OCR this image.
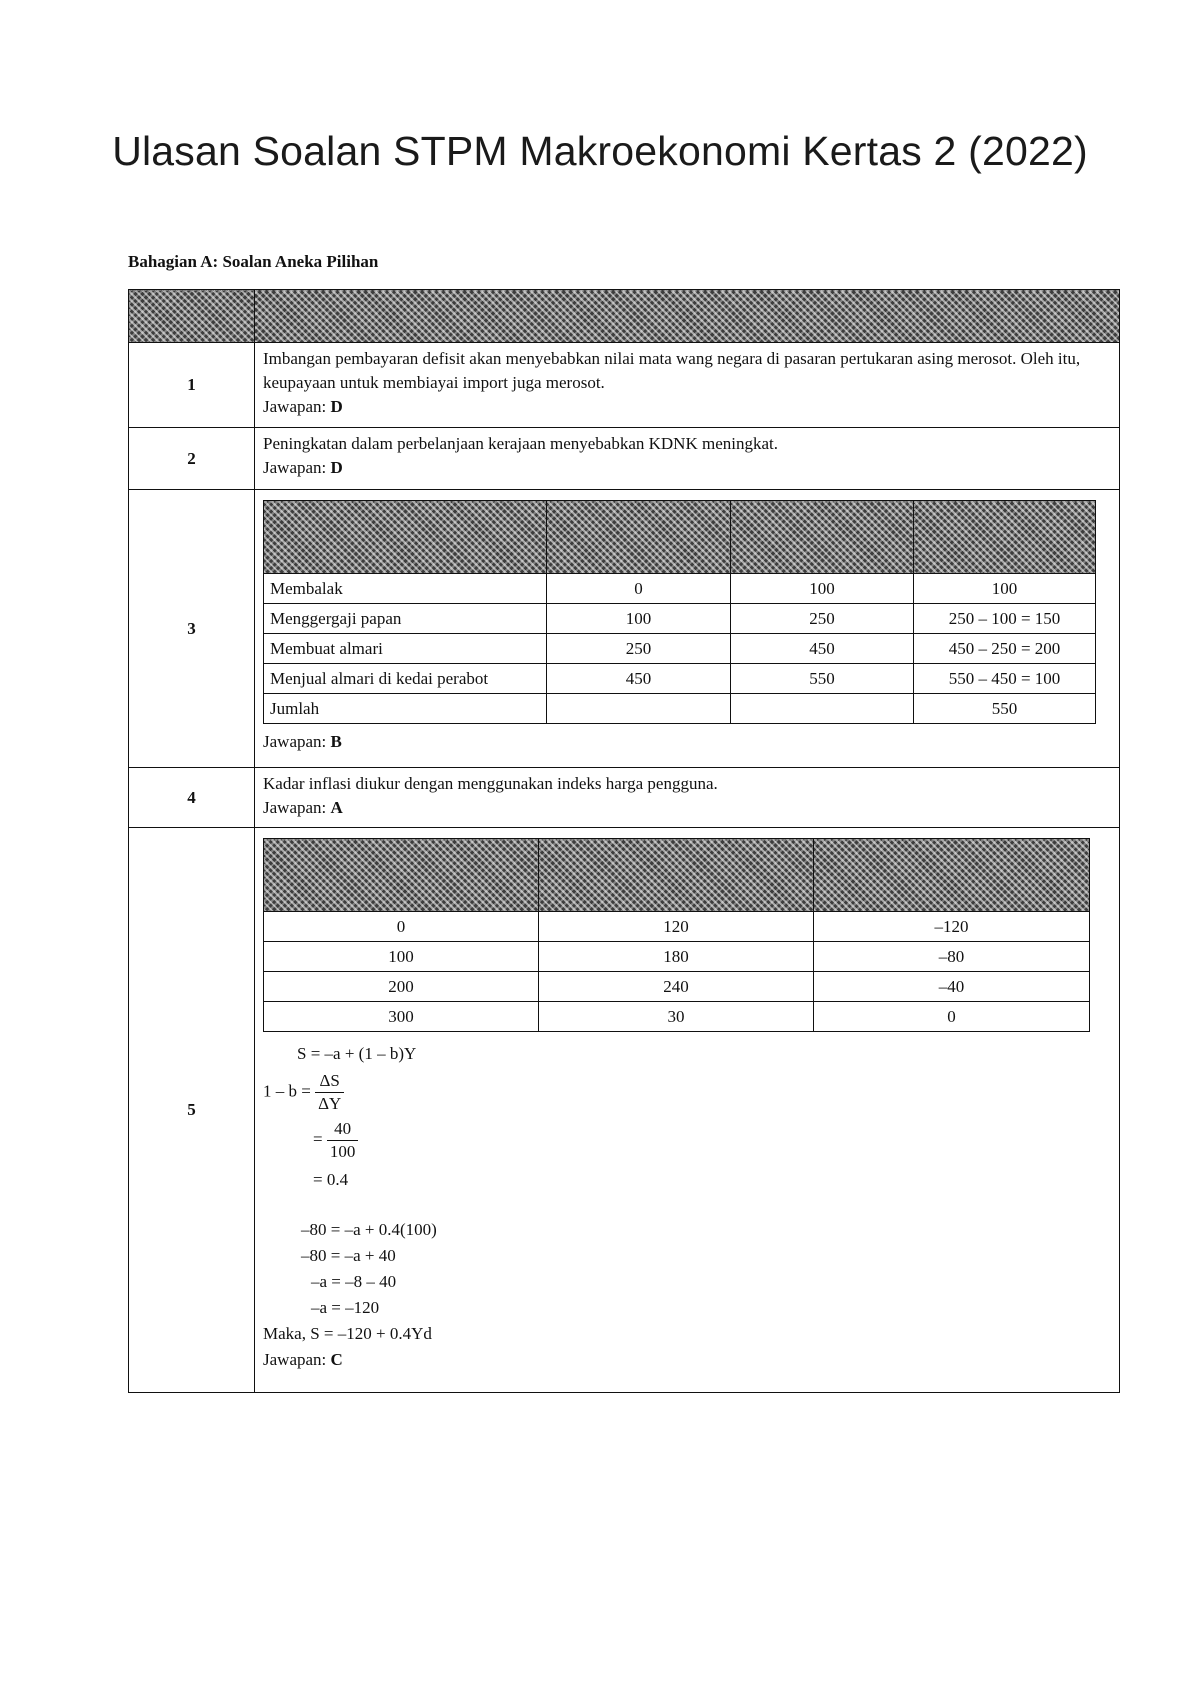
Ulasan Soalan STPM Makroekonomi Kertas 2 (2022)
Bahagian A: Soalan Aneka Pilihan

1	

Imbangan pembayaran defisit akan menyebabkan nilai mata wang negara di pasaran pertukaran asing merosot. Oleh itu, keupayaan untuk membiayai import juga merosot.

Jawapan: D

2	

Peningkatan dalam perbelanjaan kerajaan menyebabkan KDNK meningkat.

Jawapan: D

3	

Membalak	0	100	100
Menggergaji papan	100	250	250 – 100 = 150
Membuat almari	250	450	450 – 250 = 200
Menjual almari di kedai perabot	450	550	550 – 450 = 100
Jumlah			550

Jawapan: B

4	

Kadar inflasi diukur dengan menggunakan indeks harga pengguna.

Jawapan: A

5	

0	120	–120
100	180	–80
200	240	–40
300	30	0
S = –a + (1 – b)Y
$1 - b = \frac{\Delta S}{\Delta Y}$
= $\frac{40}{100}$
= 0.4
–80 = –a + 0.4(100)
–80 = –a + 40
–a = –8 – 40
–a = –120
Maka, S = –120 + 0.4Yd

Jawapan: C
